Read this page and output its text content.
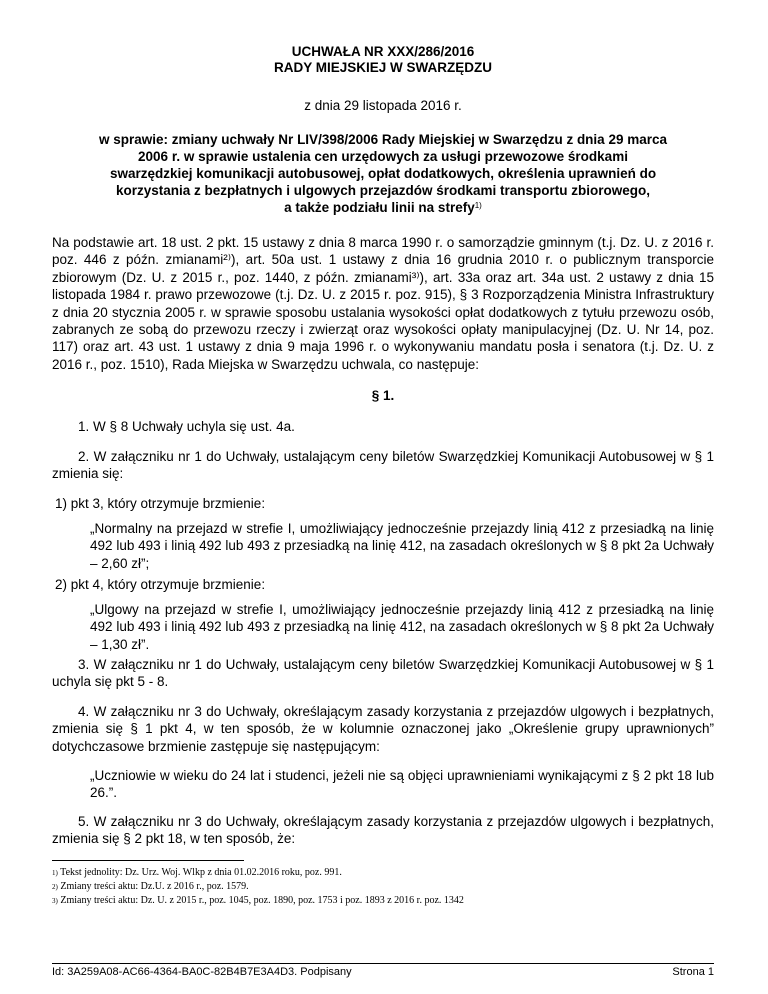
UCHWAŁA NR XXX/286/2016
RADY MIEJSKIEJ W SWARZĘDZU
z dnia 29 listopada 2016 r.
w sprawie: zmiany uchwały Nr LIV/398/2006 Rady Miejskiej w Swarzędzu z dnia 29 marca
2006 r. w sprawie ustalenia cen urzędowych za usługi przewozowe środkami
swarzędzkiej komunikacji autobusowej, opłat dodatkowych, określenia uprawnień do
korzystania z bezpłatnych i ulgowych przejazdów środkami transportu zbiorowego,
a także podziału linii na strefy$^{1)}$
Na podstawie art. 18 ust. 2 pkt. 15 ustawy z dnia 8 marca 1990 r. o samorządzie gminnym (t.j. Dz. U. z 2016 r. poz. 446 z późn. zmianami²⁾), art. 50a ust. 1 ustawy z dnia 16 grudnia 2010 r. o publicznym transporcie zbiorowym (Dz. U. z 2015 r., poz. 1440, z późn. zmianami³⁾), art. 33a oraz art. 34a ust. 2 ustawy z dnia 15 listopada 1984 r. prawo przewozowe (t.j. Dz. U. z 2015 r. poz. 915), § 3 Rozporządzenia Ministra Infrastruktury z dnia 20 stycznia 2005 r. w sprawie sposobu ustalania wysokości opłat dodatkowych z tytułu przewozu osób, zabranych ze sobą do przewozu rzeczy i zwierząt oraz wysokości opłaty manipulacyjnej (Dz. U. Nr 14, poz. 117) oraz art. 43 ust. 1 ustawy z dnia 9 maja 1996 r. o wykonywaniu mandatu posła i senatora (t.j. Dz. U. z 2016 r., poz. 1510), Rada Miejska w Swarzędzu uchwala, co następuje:
§ 1.
1. W § 8 Uchwały uchyla się ust. 4a.
2. W załączniku nr 1 do Uchwały, ustalającym ceny biletów Swarzędzkiej Komunikacji Autobusowej w § 1 zmienia się:
1) pkt 3, który otrzymuje brzmienie:
„Normalny na przejazd w strefie I, umożliwiający jednocześnie przejazdy linią 412 z przesiadką na linię 492 lub 493 i linią 492 lub 493 z przesiadką na linię 412, na zasadach określonych w § 8 pkt 2a Uchwały – 2,60 zł”;
2) pkt 4, który otrzymuje brzmienie:
„Ulgowy na przejazd w strefie I, umożliwiający jednocześnie przejazdy linią 412 z przesiadką na linię 492 lub 493 i linią 492 lub 493 z przesiadką na linię 412, na zasadach określonych w § 8 pkt 2a Uchwały – 1,30 zł”.
3. W załączniku nr 1 do Uchwały, ustalającym ceny biletów Swarzędzkiej Komunikacji Autobusowej w § 1 uchyla się pkt 5 - 8.
4. W załączniku nr 3 do Uchwały, określającym zasady korzystania z przejazdów ulgowych i bezpłatnych, zmienia się § 1 pkt 4, w ten sposób, że w kolumnie oznaczonej jako „Określenie grupy uprawnionych” dotychczasowe brzmienie zastępuje się następującym:
„Uczniowie w wieku do 24 lat i studenci, jeżeli nie są objęci uprawnieniami wynikającymi z § 2 pkt 18 lub 26.”.
5. W załączniku nr 3 do Uchwały, określającym zasady korzystania z przejazdów ulgowych i bezpłatnych, zmienia się § 2 pkt 18, w ten sposób, że:
$^{1)}$ Tekst jednolity: Dz. Urz. Woj. Wlkp z dnia 01.02.2016 roku, poz. 991.
$^{2)}$ Zmiany treści aktu: Dz.U. z 2016 r., poz. 1579.
$^{3)}$ Zmiany treści aktu: Dz. U. z 2015 r., poz. 1045, poz. 1890, poz. 1753 i poz. 1893 z 2016 r. poz. 1342
Id: 3A259A08-AC66-4364-BA0C-82B4B7E3A4D3. Podpisany	Strona 1
